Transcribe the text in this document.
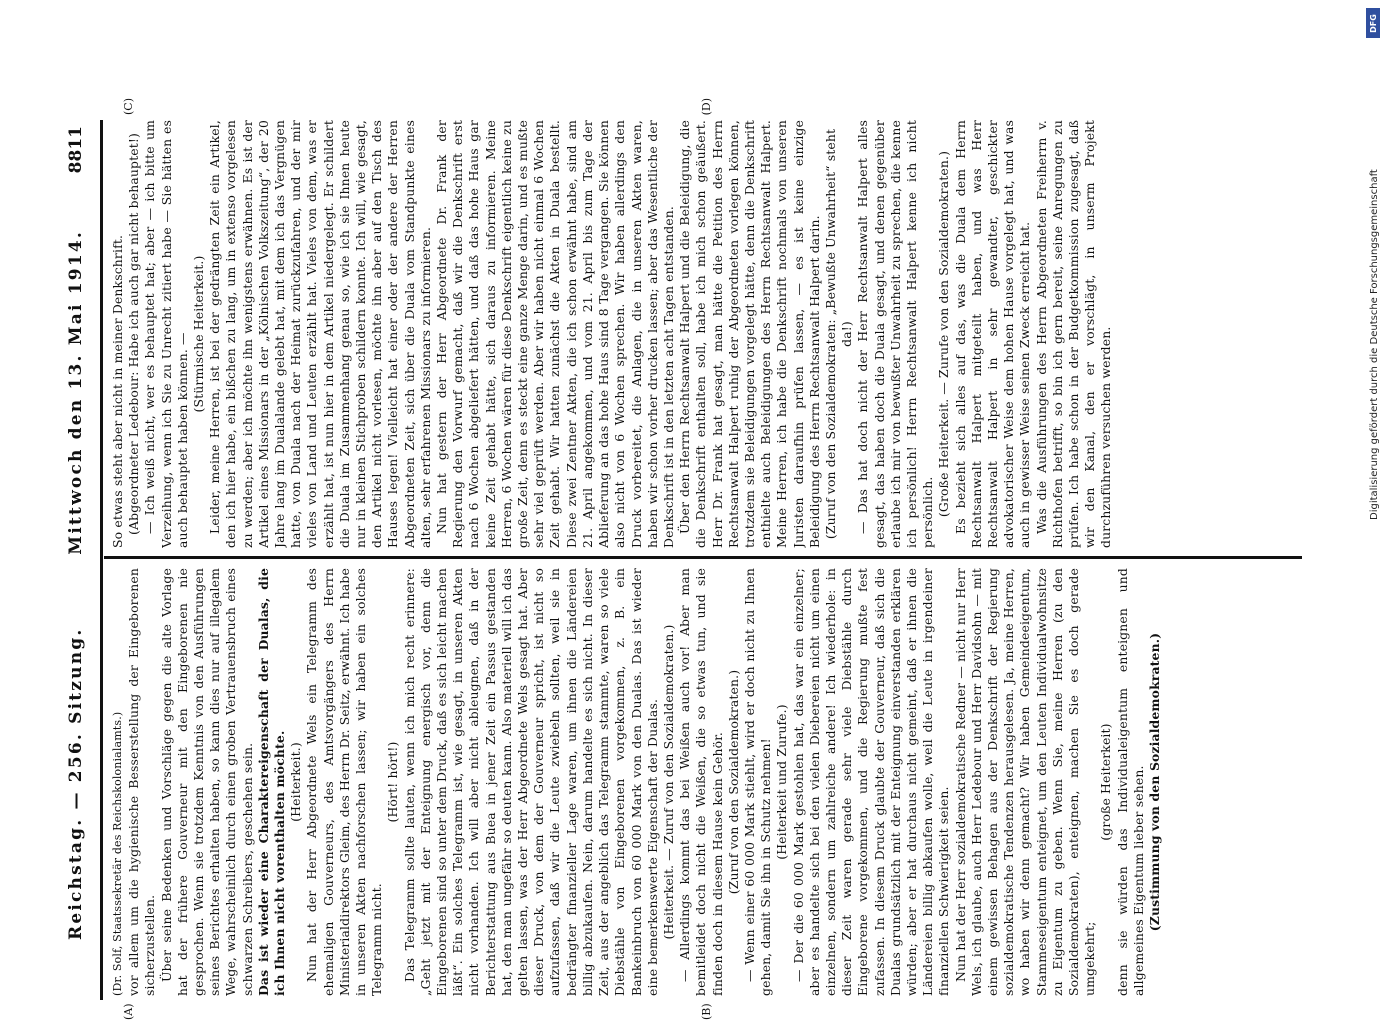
Reichstag. — 256. Sitzung.
Mittwoch den 13. Mai 1914.
8811
(A)	(B)
(C)	(D)

(Dr. Solf, Staatssekretär des Reichskolonialamts.) vor allem um die hygienische Besserstellung der Eingeborenen sicherzustellen. Über seine Bedenken und Vorschläge gegen die alte Vorlage hat der frühere Gouverneur mit den Eingeborenen nie gesprochen. Wenn sie trotzdem Kenntnis von den Ausführungen seines Berichtes erhalten haben, so kann dies nur auf illegalem Wege, wahrscheinlich durch einen groben Vertrauensbruch eines schwarzen Schreibers, geschehen sein. Das ist wieder eine Charaktereigenschaft der Dualas, die ich Ihnen nicht vorenthalten möchte. (Heiterkeit.) Nun hat der Herr Abgeordnete Wels ein Telegramm des ehemaligen Gouverneurs, des Amtsvorgängers des Herrn Ministerialdirektors Gleim, des Herrn Dr. Seitz, erwähnt. Ich habe in unseren Akten nachforschen lassen; wir haben ein solches Telegramm nicht.

(Hört! hört!) Das Telegramm sollte lauten, wenn ich mich recht erinnere: „Geht jetzt mit der Enteignung energisch vor, denn die Eingeborenen sind so unter dem Druck, daß es sich leicht machen läßt“. Ein solches Telegramm ist, wie gesagt, in unseren Akten nicht vorhanden. Ich will aber nicht ableugnen, daß in der Berichterstattung aus Buea in jener Zeit ein Passus gestanden hat, den man ungefähr so deuten kann. Also materiell will ich das gelten lassen, was der Herr Abgeordnete Wels gesagt hat. Aber dieser Druck, von dem der Gouverneur spricht, ist nicht so aufzufassen, daß wir die Leute zwiebeln sollten, weil sie in bedrängter finanzieller Lage waren, um ihnen die Ländereien billig abzukaufen. Nein, darum handelte es sich nicht. In dieser Zeit, aus der angeblich das Telegramm stammte, waren so viele Diebstähle von Eingeborenen vorgekommen, z. B. ein Bankeinbruch von 60 000 Mark von den Dualas. Das ist wieder eine bemerkenswerte Eigenschaft der Dualas. (Heiterkeit. — Zuruf von den Sozialdemokraten.) — Allerdings kommt das bei Weißen auch vor! Aber man bemitleidet doch nicht die Weißen, die so etwas tun, und sie finden doch in diesem Hause kein Gehör. (Zuruf von den Sozialdemokraten.) — Wenn einer 60 000 Mark stiehlt, wird er doch nicht zu Ihnen gehen, damit Sie ihn in Schutz nehmen! (Heiterkeit und Zurufe.) — Der die 60 000 Mark gestohlen hat, das war ein einzelner; aber es handelte sich bei den vielen Diebereien nicht um einen einzelnen, sondern um zahlreiche andere! Ich wiederhole: in dieser Zeit waren gerade sehr viele Diebstähle durch Eingeborene vorgekommen, und die Regierung mußte fest zufassen. In diesem Druck glaubte der Gouverneur, daß sich die Dualas grundsätzlich mit der Enteignung einverstanden erklären würden; aber er hat durchaus nicht gemeint, daß er ihnen die Ländereien billig abkaufen wolle, weil die Leute in irgendeiner finanziellen Schwierigkeit seien. Nun hat der Herr sozialdemokratische Redner — nicht nur Herr Wels, ich glaube, auch Herr Ledebour und Herr Davidsohn — mit einem gewissen Behagen aus der Denkschrift der Regierung sozialdemokratische Tendenzen herausgelesen. Ja, meine Herren, wo haben wir denn gemacht? Wir haben Gemeindeeigentum, Stammeseigentum enteignet, um den Leuten Individualwohnsitze zu Eigentum zu geben. Wenn Sie, meine Herren (zu den Sozialdemokraten), enteignen, machen Sie es doch gerade umgekehrt;

(große Heiterkeit) denn sie würden das Individualeigentum enteignen und allgemeines Eigentum lieber sehen. (Zustimmung von den Sozialdemokraten.)

So etwas steht aber nicht in meiner Denkschrift. (Abgeordneter Ledebour: Habe ich auch gar nicht behauptet!) — Ich weiß nicht, wer es behauptet hat; aber — ich bitte um Verzeihung, wenn ich Sie zu Unrecht zitiert habe — Sie hätten es auch behauptet haben können. — (Stürmische Heiterkeit.) Leider, meine Herren, ist bei der gedrängten Zeit ein Artikel, den ich hier habe, ein bißchen zu lang, um in extenso vorgelesen zu werden; aber ich möchte ihn wenigstens erwähnen. Es ist der Artikel eines Missionars in der „Kölnischen Volkszeitung“, der 20 Jahre lang im Dualalande gelebt hat, mit dem ich das Vergnügen hatte, von Duala nach der Heimat zurückzufahren, und der mir vieles von Land und Leuten erzählt hat. Vieles von dem, was er erzählt hat, ist nun hier in dem Artikel niedergelegt. Er schildert die Duala im Zusammenhang genau so, wie ich sie Ihnen heute nur in kleinen Stichproben schildern konnte. Ich will, wie gesagt, den Artikel nicht vorlesen, möchte ihn aber auf den Tisch des Hauses legen! Vielleicht hat einer oder der andere der Herren Abgeordneten Zeit, sich über die Duala vom Standpunkte eines alten, sehr erfahrenen Missionars zu informieren. Nun hat gestern der Herr Abgeordnete Dr. Frank der Regierung den Vorwurf gemacht, daß wir die Denkschrift erst nach 6 Wochen abgeliefert hätten, und daß das hohe Haus gar keine Zeit gehabt hätte, sich daraus zu informieren. Meine Herren, 6 Wochen wären für diese Denkschrift eigentlich keine zu große Zeit, denn es steckt eine ganze Menge darin, und es mußte sehr viel geprüft werden. Aber wir haben nicht einmal 6 Wochen Zeit gehabt. Wir hatten zunächst die Akten in Duala bestellt. Diese zwei Zentner Akten, die ich schon erwähnt habe, sind am 21. April angekommen, und vom 21. April bis zum Tage der Ablieferung an das hohe Haus sind 8 Tage vergangen. Sie können also nicht von 6 Wochen sprechen. Wir haben allerdings den Druck vorbereitet, die Anlagen, die in unseren Akten waren, haben wir schon vorher drucken lassen; aber das Wesentliche der Denkschrift ist in den letzten acht Tagen entstanden. Über den Herrn Rechtsanwalt Halpert und die Beleidigung, die die Denkschrift enthalten soll, habe ich mich schon geäußert. Herr Dr. Frank hat gesagt, man hätte die Petition des Herrn Rechtsanwalt Halpert ruhig der Abgeordneten vorlegen können, trotzdem sie Beleidigungen vorgelegt hätte, denn die Denkschrift enthielte auch Beleidigungen des Herrn Rechtsanwalt Halpert. Meine Herren, ich habe die Denkschrift nochmals von unseren Juristen daraufhin prüfen lassen, — es ist keine einzige Beleidigung des Herrn Rechtsanwalt Halpert darin. (Zuruf von den Sozialdemokraten: „Bewußte Unwahrheit“ steht da!) — Das hat doch nicht der Herr Rechtsanwalt Halpert alles gesagt, das haben doch die Duala gesagt, und denen gegenüber erlaube ich mir von bewußter Unwahrheit zu sprechen, die kenne ich persönlich! Herrn Rechtsanwalt Halpert kenne ich nicht persönlich. (Große Heiterkeit. — Zurufe von den Sozialdemokraten.) Es bezieht sich alles auf das, was die Duala dem Herrn Rechtsanwalt Halpert mitgeteilt haben, und was Herr Rechtsanwalt Halpert in sehr gewandter, geschickter advokatorischer Weise dem hohen Hause vorgelegt hat, und was auch in gewisser Weise seinen Zweck erreicht hat. Was die Ausführungen des Herrn Abgeordneten Freiherrn v. Richthofen betrifft, so bin ich gern bereit, seine Anregungen zu prüfen. Ich habe schon in der Budgetkommission zugesagt, daß wir den Kanal, den er vorschlägt, in unserm Projekt durchzuführen versuchen werden.	Digitalisierung gefördert durch die Deutsche Forschungsgemeinschaft
DFG
